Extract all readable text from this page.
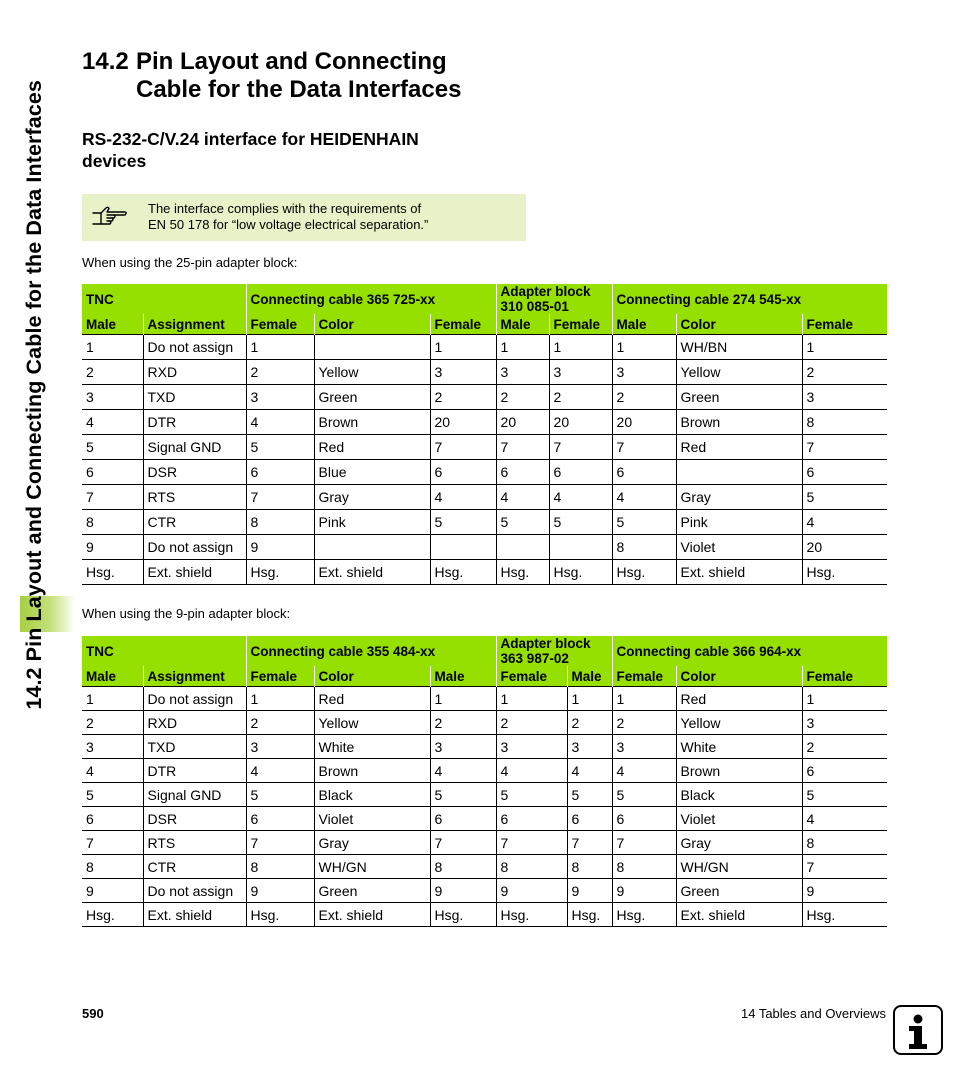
14.2 Pin Layout and Connecting Cable for the Data Interfaces
14.2 Pin Layout and Connecting
Cable for the Data Interfaces
RS-232-C/V.24 interface for HEIDENHAIN devices
The interface complies with the requirements of
EN 50 178 for “low voltage electrical separation.”
When using the 25-pin adapter block:
TNC		Connecting cable 365 725-xx			Adapter block 310 085-01		Connecting cable 274 545-xx		
Male	Assignment	Female	Color	Female	Male	Female	Male	Color	Female
1	Do not assign	1		1	1	1	1	WH/BN	1
2	RXD	2	Yellow	3	3	3	3	Yellow	2
3	TXD	3	Green	2	2	2	2	Green	3
4	DTR	4	Brown	20	20	20	20	Brown	8
5	Signal GND	5	Red	7	7	7	7	Red	7
6	DSR	6	Blue	6	6	6	6		6
7	RTS	7	Gray	4	4	4	4	Gray	5
8	CTR	8	Pink	5	5	5	5	Pink	4
9	Do not assign	9					8	Violet	20
Hsg.	Ext. shield	Hsg.	Ext. shield	Hsg.	Hsg.	Hsg.	Hsg.	Ext. shield	Hsg.
When using the 9-pin adapter block:
TNC		Connecting cable 355 484-xx			Adapter block 363 987-02		Connecting cable 366 964-xx		
Male	Assignment	Female	Color	Male	Female	Male	Female	Color	Female
1	Do not assign	1	Red	1	1	1	1	Red	1
2	RXD	2	Yellow	2	2	2	2	Yellow	3
3	TXD	3	White	3	3	3	3	White	2
4	DTR	4	Brown	4	4	4	4	Brown	6
5	Signal GND	5	Black	5	5	5	5	Black	5
6	DSR	6	Violet	6	6	6	6	Violet	4
7	RTS	7	Gray	7	7	7	7	Gray	8
8	CTR	8	WH/GN	8	8	8	8	WH/GN	7
9	Do not assign	9	Green	9	9	9	9	Green	9
Hsg.	Ext. shield	Hsg.	Ext. shield	Hsg.	Hsg.	Hsg.	Hsg.	Ext. shield	Hsg.
590	14 Tables and Overviews
